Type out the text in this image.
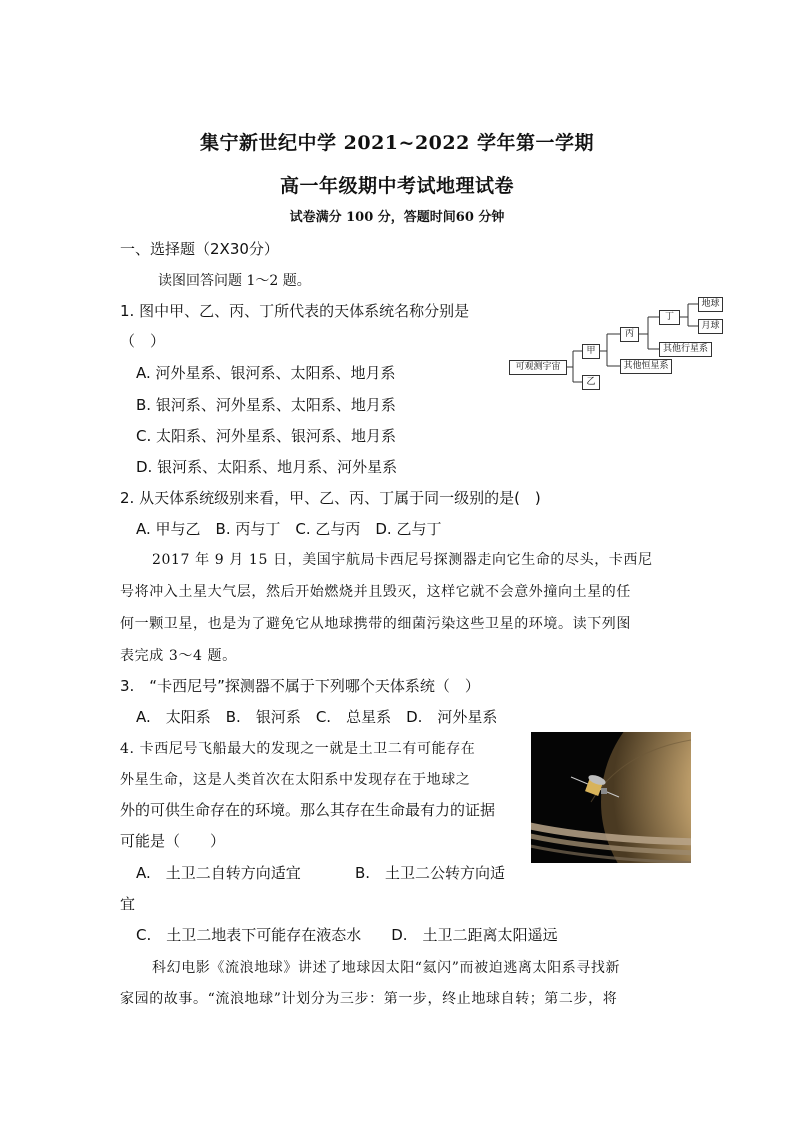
集宁新世纪中学 2021~2022 学年第一学期
高一年级期中考试地理试卷
试卷满分 100 分，答题时间60 分钟
一、选择题（2X30分）
读图回答问题 1～2 题。
1. 图中甲、乙、丙、丁所代表的天体系统名称分别是
（　）
A. 河外星系、银河系、太阳系、地月系
B. 银河系、河外星系、太阳系、地月系
C. 太阳系、河外星系、银河系、地月系
D. 银河系、太阳系、地月系、河外星系
可观测宇宙
甲
乙
丙
其他恒星系
丁
其他行星系
地球
月球
2. 从天体系统级别来看，甲、乙、丙、丁属于同一级别的是(　)
A. 甲与乙　B. 丙与丁　C. 乙与丙　D. 乙与丁
2017 年 9 月 15 日，美国宇航局卡西尼号探测器走向它生命的尽头，卡西尼
号将冲入土星大气层，然后开始燃烧并且毁灭，这样它就不会意外撞向土星的任
何一颗卫星，也是为了避免它从地球携带的细菌污染这些卫星的环境。读下列图
表完成 3～4 题。
3.　“卡西尼号”探测器不属于下列哪个天体系统（　）
A.　太阳系　B.　银河系　C.　总星系　D.　河外星系
4. 卡西尼号飞船最大的发现之一就是土卫二有可能存在
外星生命，这是人类首次在太阳系中发现存在于地球之
外的可供生命存在的环境。那么其存在生命最有力的证据
可能是（　　）
A.　土卫二自转方向适宜	B.　土卫二公转方向适
宜
C.　土卫二地表下可能存在液态水　　D.　土卫二距离太阳遥远
科幻电影《流浪地球》讲述了地球因太阳“氦闪”而被迫逃离太阳系寻找新
家园的故事。“流浪地球”计划分为三步：第一步，终止地球自转；第二步，将
